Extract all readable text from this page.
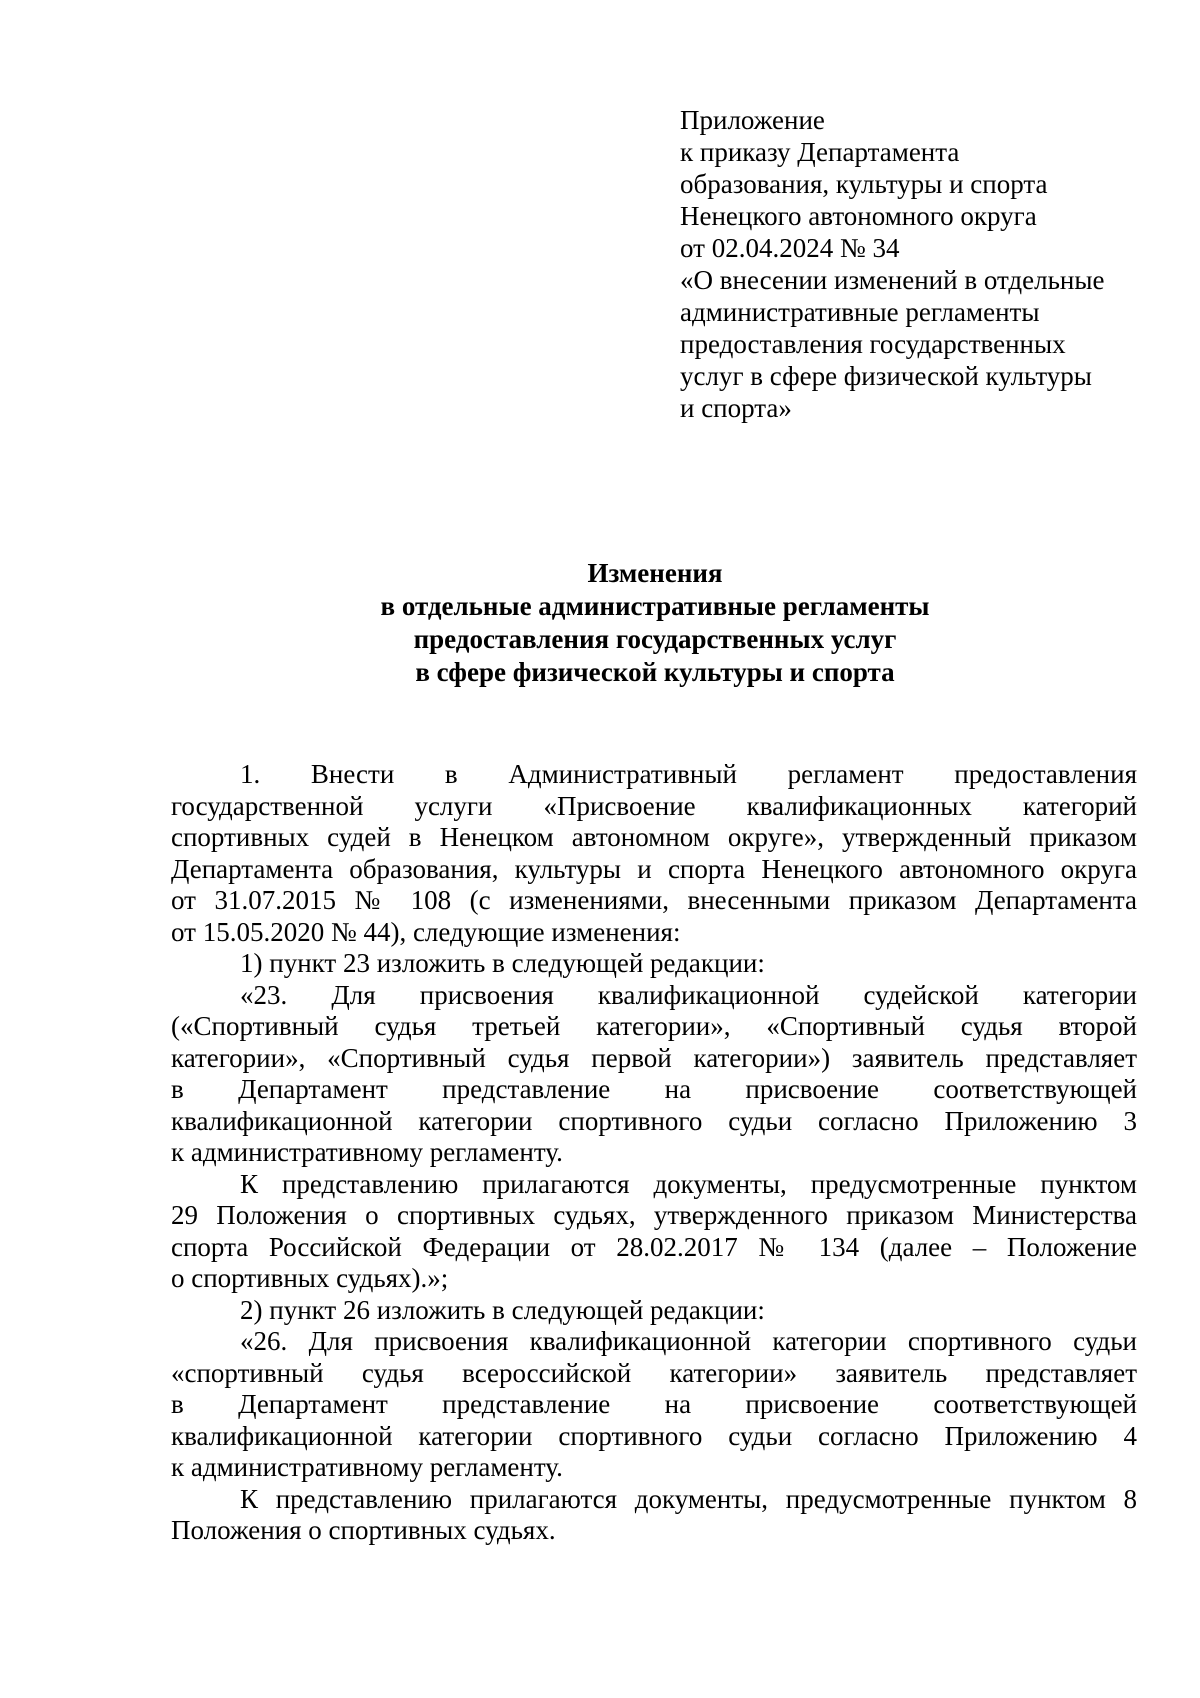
Приложение
к приказу Департамента
образования, культуры и спорта
Ненецкого автономного округа
от 02.04.2024 № 34
«О внесении изменений в отдельные
административные регламенты
предоставления государственных
услуг в сфере физической культуры
и спорта»
Изменения
в отдельные административные регламенты
предоставления государственных услуг
в сфере физической культуры и спорта
1. Внести в Административный регламент предоставления
государственной услуги «Присвоение квалификационных категорий
спортивных судей в Ненецком автономном округе», утвержденный приказом
Департамента образования, культуры и спорта Ненецкого автономного округа
от 31.07.2015 № 108 (с изменениями, внесенными приказом Департамента
от 15.05.2020 № 44), следующие изменения:
1) пункт 23 изложить в следующей редакции:
«23. Для присвоения квалификационной судейской категории
(«Спортивный судья третьей категории», «Спортивный судья второй
категории», «Спортивный судья первой категории») заявитель представляет
в Департамент представление на присвоение соответствующей
квалификационной категории спортивного судьи согласно Приложению 3
к административному регламенту.
К представлению прилагаются документы, предусмотренные пунктом
29 Положения о спортивных судьях, утвержденного приказом Министерства
спорта Российской Федерации от 28.02.2017 № 134 (далее – Положение
о спортивных судьях).»;
2) пункт 26 изложить в следующей редакции:
«26. Для присвоения квалификационной категории спортивного судьи
«спортивный судья всероссийской категории» заявитель представляет
в Департамент представление на присвоение соответствующей
квалификационной категории спортивного судьи согласно Приложению 4
к административному регламенту.
К представлению прилагаются документы, предусмотренные пунктом 8
Положения о спортивных судьях.
